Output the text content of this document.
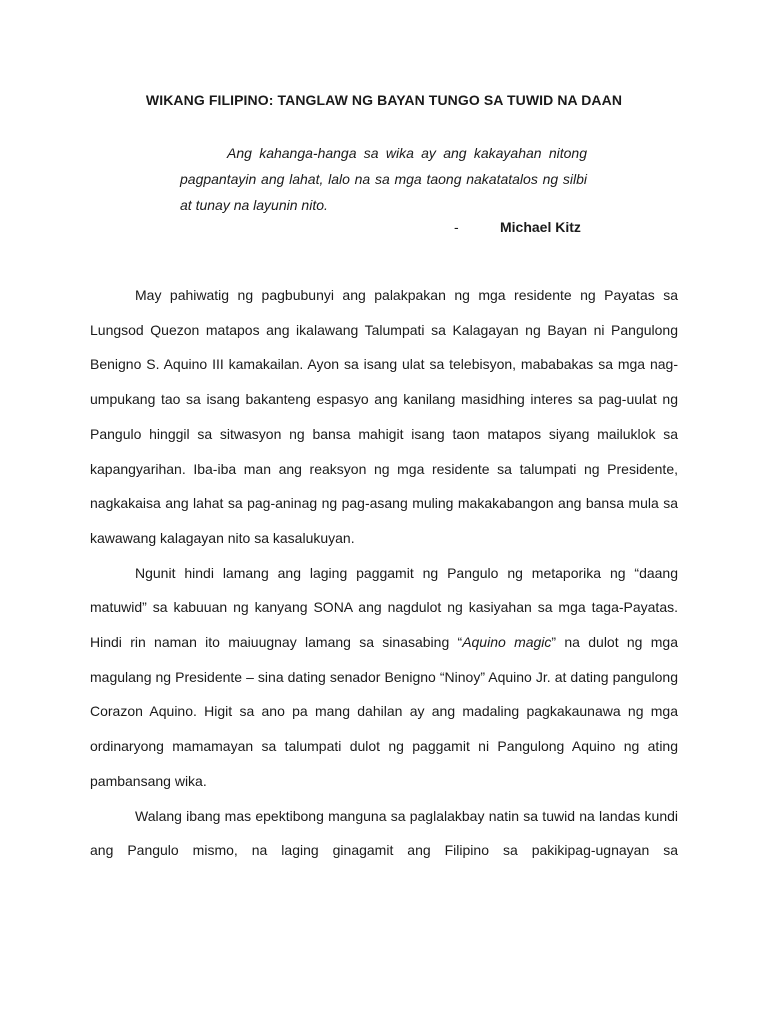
WIKANG FILIPINO: TANGLAW NG BAYAN TUNGO SA TUWID NA DAAN

Ang kahanga-hanga sa wika ay ang kakayahan nitong pagpantayin ang lahat, lalo na sa mga taong nakatatalos ng silbi at tunay na layunin nito.

-	Michael Kitz

May pahiwatig ng pagbubunyi ang palakpakan ng mga residente ng Payatas sa Lungsod Quezon matapos ang ikalawang Talumpati sa Kalagayan ng Bayan ni Pangulong Benigno S. Aquino III kamakailan. Ayon sa isang ulat sa telebisyon, mababakas sa mga nag-umpukang tao sa isang bakanteng espasyo ang kanilang masidhing interes sa pag-uulat ng Pangulo hinggil sa sitwasyon ng bansa mahigit isang taon matapos siyang mailuklok sa kapangyarihan. Iba-iba man ang reaksyon ng mga residente sa talumpati ng Presidente, nagkakaisa ang lahat sa pag-aninag ng pag-asang muling makakabangon ang bansa mula sa kawawang kalagayan nito sa kasalukuyan.

Ngunit hindi lamang ang laging paggamit ng Pangulo ng metaporika ng “daang matuwid” sa kabuuan ng kanyang SONA ang nagdulot ng kasiyahan sa mga taga-Payatas. Hindi rin naman ito maiuugnay lamang sa sinasabing “Aquino magic” na dulot ng mga magulang ng Presidente – sina dating senador Benigno “Ninoy” Aquino Jr. at dating pangulong Corazon Aquino. Higit sa ano pa mang dahilan ay ang madaling pagkakaunawa ng mga ordinaryong mamamayan sa talumpati dulot ng paggamit ni Pangulong Aquino ng ating pambansang wika.

Walang ibang mas epektibong manguna sa paglalakbay natin sa tuwid na landas kundi ang Pangulo mismo, na laging ginagamit ang Filipino sa pakikipag-ugnayan sa
